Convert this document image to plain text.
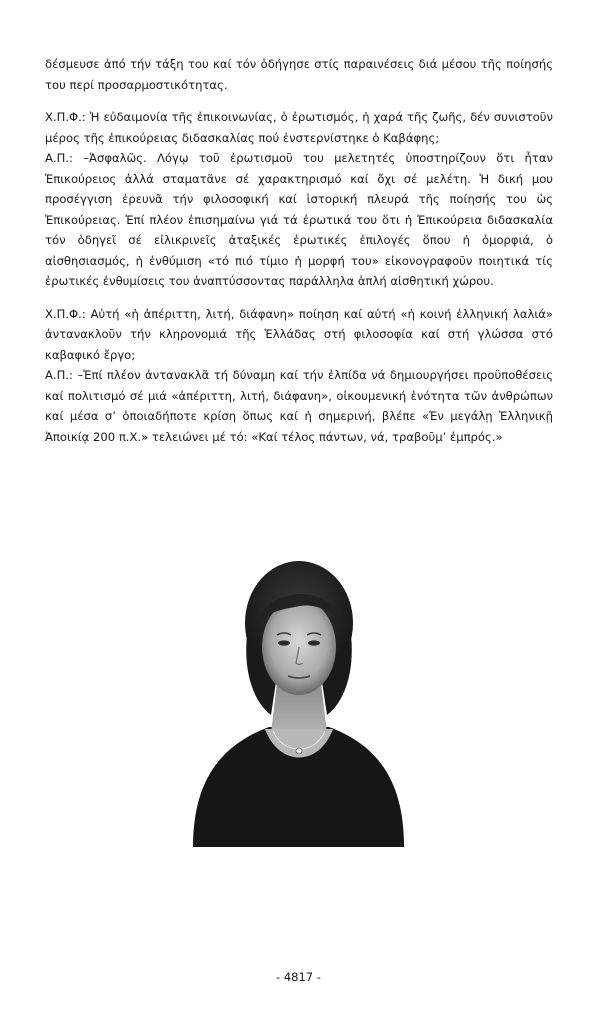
δέσμευσε ἀπό τήν τάξη του καί τόν ὁδήγησε στίς παραινέσεις διά μέσου τῆς ποίησής του περί προσαρμοστικότητας.

Χ.Π.Φ.: Ἡ εὐδαιμονία τῆς ἐπικοινωνίας, ὁ ἐρωτισμός, ἡ χαρά τῆς ζωῆς, δέν συνιστοῦν μέρος τῆς ἐπικούρειας διδασκαλίας πού ἐνστερνίστηκε ὁ Καβάφης;

Α.Π.: –Ἀσφαλῶς. Λόγῳ τοῦ ἐρωτισμοῦ του μελετητές ὑποστηρίζουν ὅτι ἦταν Ἐπικούρειος ἀλλά σταματᾶνε σέ χαρακτηρισμό καί ὄχι σέ μελέτη. Ἡ δική μου προσέγγιση ἐρευνᾶ τήν φιλοσοφική καί ἱστορική πλευρά τῆς ποίησής του ὡς Ἐπικούρειας. Ἐπί πλέον ἐπισημαίνω γιά τά ἐρωτικά του ὅτι ἡ Ἐπικούρεια διδασκαλία τόν ὁδηγεῖ σέ εἰλικρινεῖς ἀταξικές ἐρωτικές ἐπιλογές ὅπου ἡ ὀμορφιά, ὁ αἰσθησιασμός, ἡ ἐνθύμιση «τό πιό τίμιο ἡ μορφή του» εἰκονογραφοῦν ποιητικά τίς ἐρωτικές ἐνθυμίσεις του ἀναπτύσσοντας παράλληλα ἁπλή αἰσθητική χώρου.

Χ.Π.Φ.: Αὐτή «ἡ ἀπέριττη, λιτή, διάφανη» ποίηση καί αὐτή «ἡ κοινή ἑλληνική λαλιά» ἀντανακλοῦν τήν κληρονομιά τῆς Ἑλλάδας στή φιλοσοφία καί στή γλώσσα στό καβαφικό ἔργο;

Α.Π.: –Ἐπί πλέον ἀντανακλᾶ τή δύναμη καί τήν ἐλπίδα νά δημιουργήσει προϋποθέσεις καί πολιτισμό σέ μιά «ἀπέριττη, λιτή, διάφανη», οἰκουμενική ἑνότητα τῶν ἀνθρώπων καί μέσα σ’ ὁποιαδήποτε κρίση ὅπως καί ἡ σημερινή, βλέπε «Ἐν μεγάλῃ Ἑλληνικῇ Ἀποικίᾳ 200 π.Χ.» τελειώνει μέ τό: «Καί τέλος πάντων, νά, τραβοῦμ’ ἐμπρός.»

- 4817 -
